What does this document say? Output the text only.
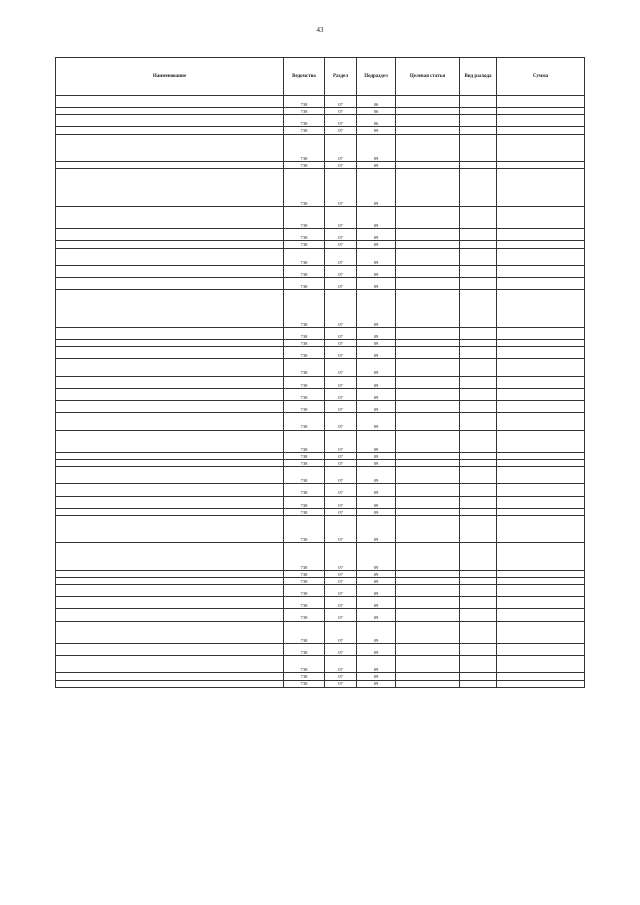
43
Наименование	Ведомство	Раздел	Подраздел	Целевая статья	Вид расхода	Сумма
	738	07	06			
	738	07	06			
	738	07	06			
	738	07	09			
	738	07	09			
	738	07	09			
	738	07	09			
	738	07	09			
	738	07	09			
	738	07	09			
	738	07	09			
	738	07	09			
	738	07	09			
	738	07	09			
	738	07	09			
	738	07	09			
	738	07	09			
	738	07	09			
	738	07	09			
	738	07	09			
	738	07	09			
	738	07	09			
	738	07	09			
	738	07	09			
	738	07	09			
	738	07	09			
	738	07	09			
	738	07	09			
	738	07	09			
	738	07	09			
	738	07	09			
	738	07	09			
	738	07	09			
	738	07	09			
	738	07	09			
	738	07	09			
	738	07	09			
	738	07	09			
	738	07	09			
	738	07	09			
	738	07	09			
